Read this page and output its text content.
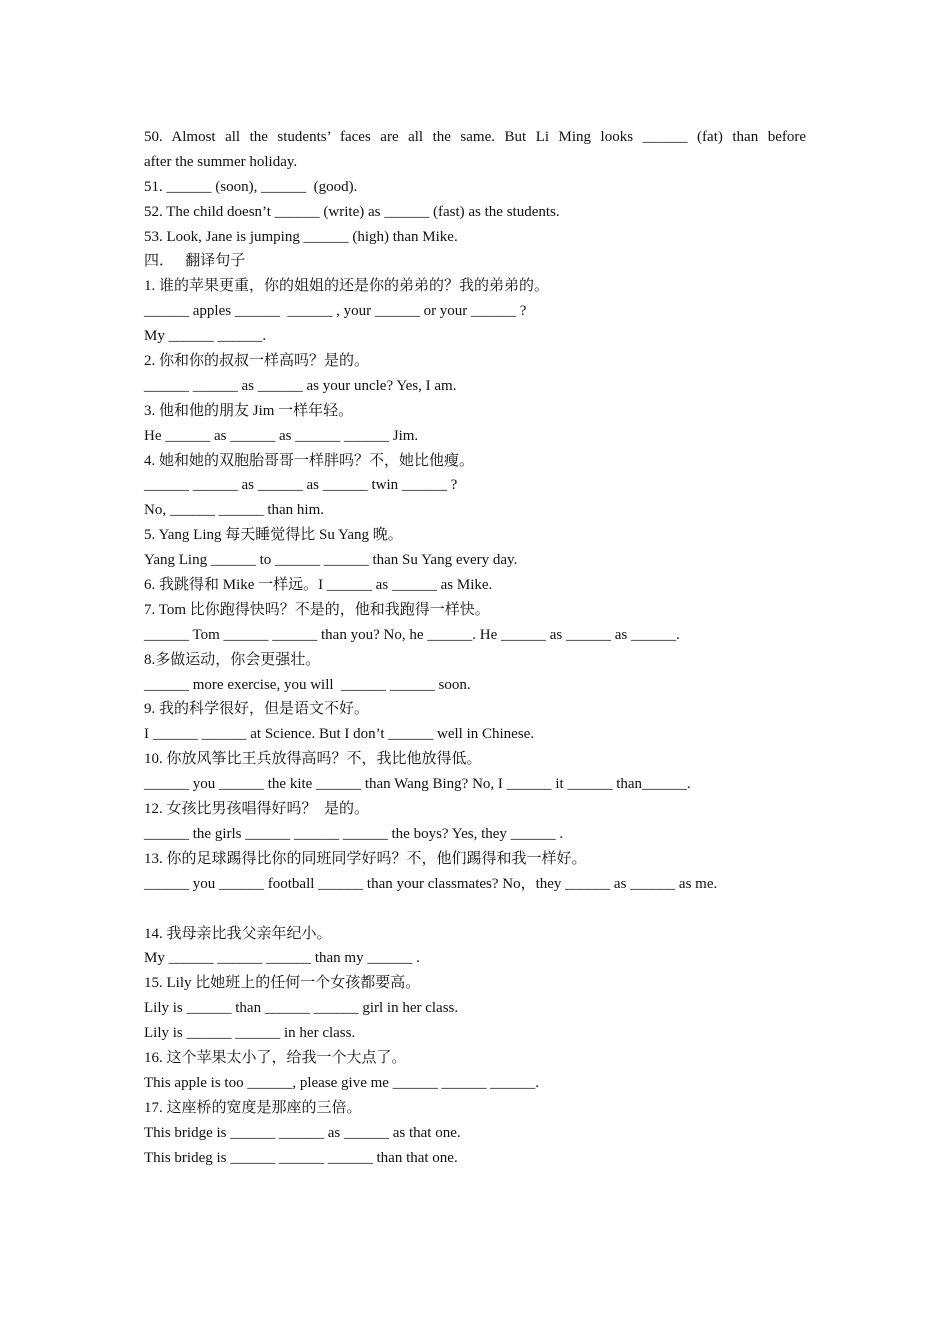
50. Almost all the students’ faces are all the same. But Li Ming looks ______ (fat) than before
after the summer holiday.
51. ______ (soon), ______  (good).
52. The child doesn’t ______ (write) as ______ (fast) as the students.
53. Look, Jane is jumping ______ (high) than Mike.
四．   翻译句子
1. 谁的苹果更重，你的姐姐的还是你的弟弟的？我的弟弟的。
______ apples ______  ______ , your ______ or your ______ ?
My ______ ______.
2. 你和你的叔叔一样高吗？是的。
______ ______ as ______ as your uncle? Yes, I am.
3. 他和他的朋友 Jim 一样年轻。
He ______ as ______ as ______ ______ Jim.
4. 她和她的双胞胎哥哥一样胖吗？不，她比他瘦。
______ ______ as ______ as ______ twin ______ ?
No, ______ ______ than him.
5. Yang Ling 每天睡觉得比 Su Yang 晚。
Yang Ling ______ to ______ ______ than Su Yang every day.
6. 我跳得和 Mike 一样远。I ______ as ______ as Mike.
7. Tom 比你跑得快吗？不是的，他和我跑得一样快。
______ Tom ______ ______ than you? No, he ______. He ______ as ______ as ______.
8.多做运动，你会更强壮。
______ more exercise, you will  ______ ______ soon.
9. 我的科学很好，但是语文不好。
I ______ ______ at Science. But I don’t ______ well in Chinese.
10. 你放风筝比王兵放得高吗？不，我比他放得低。
______ you ______ the kite ______ than Wang Bing? No, I ______ it ______ than______.
12. 女孩比男孩唱得好吗？  是的。
______ the girls ______ ______ ______ the boys? Yes, they ______ .
13. 你的足球踢得比你的同班同学好吗？不，他们踢得和我一样好。
______ you ______ football ______ than your classmates? No，they ______ as ______ as me.
14. 我母亲比我父亲年纪小。
My ______ ______ ______ than my ______ .
15. Lily 比她班上的任何一个女孩都要高。
Lily is ______ than ______ ______ girl in her class.
Lily is ______ ______ in her class.
16. 这个苹果太小了，给我一个大点了。
This apple is too ______, please give me ______ ______ ______.
17. 这座桥的宽度是那座的三倍。
This bridge is ______ ______ as ______ as that one.
This brideg is ______ ______ ______ than that one.
